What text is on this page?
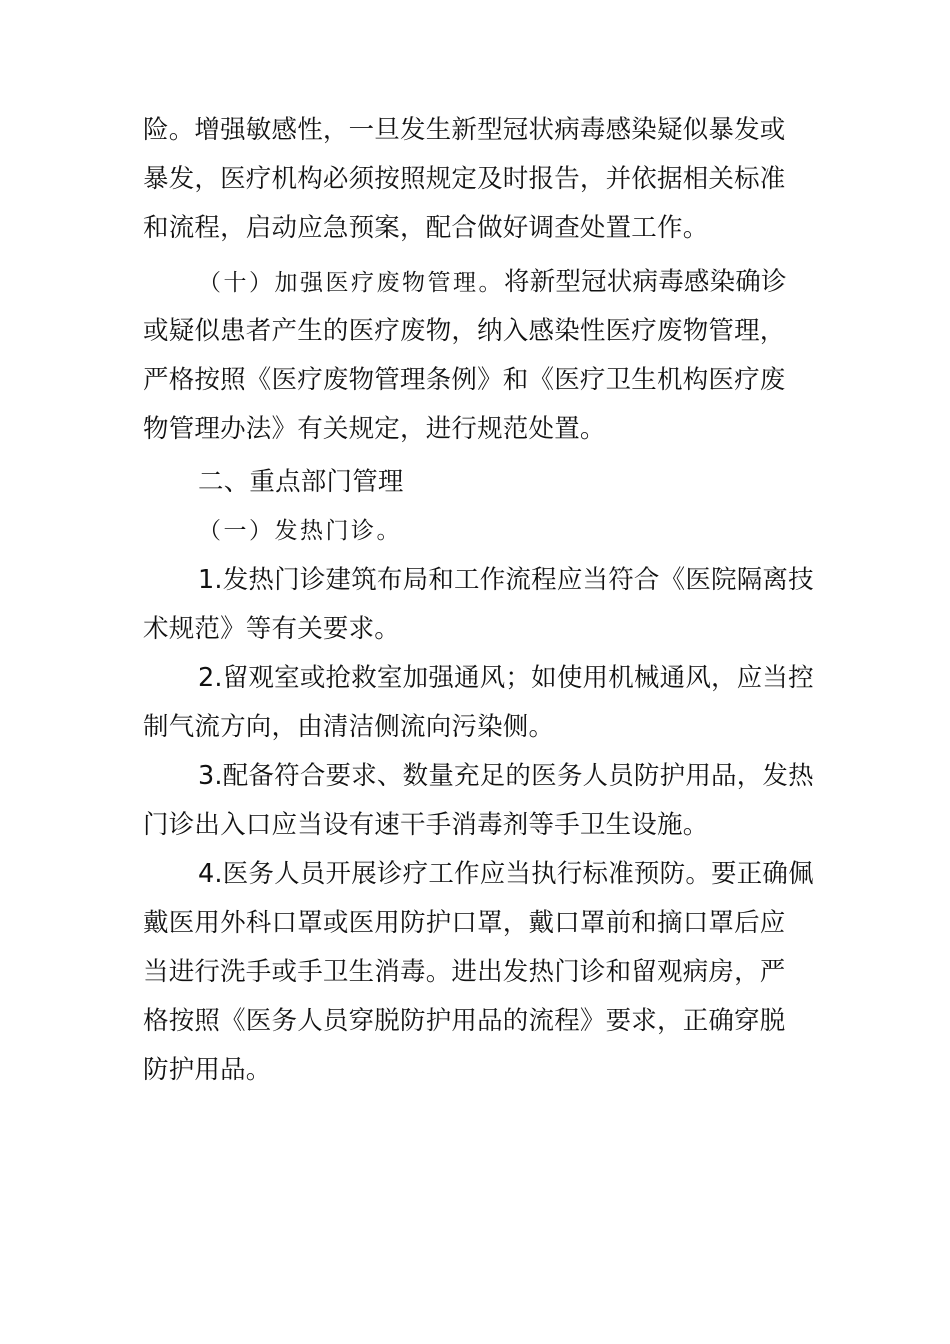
险。增强敏感性，一旦发生新型冠状病毒感染疑似暴发或
暴发，医疗机构必须按照规定及时报告，并依据相关标准
和流程，启动应急预案，配合做好调查处置工作。
（十）加强医疗废物管理。将新型冠状病毒感染确诊
或疑似患者产生的医疗废物，纳入感染性医疗废物管理，
严格按照《医疗废物管理条例》和《医疗卫生机构医疗废
物管理办法》有关规定，进行规范处置。
二、重点部门管理
（一）发热门诊。
1.发热门诊建筑布局和工作流程应当符合《医院隔离技
术规范》等有关要求。
2.留观室或抢救室加强通风；如使用机械通风，应当控
制气流方向，由清洁侧流向污染侧。
3.配备符合要求、数量充足的医务人员防护用品，发热
门诊出入口应当设有速干手消毒剂等手卫生设施。
4.医务人员开展诊疗工作应当执行标准预防。要正确佩
戴医用外科口罩或医用防护口罩，戴口罩前和摘口罩后应
当进行洗手或手卫生消毒。进出发热门诊和留观病房，严
格按照《医务人员穿脱防护用品的流程》要求，正确穿脱
防护用品。
